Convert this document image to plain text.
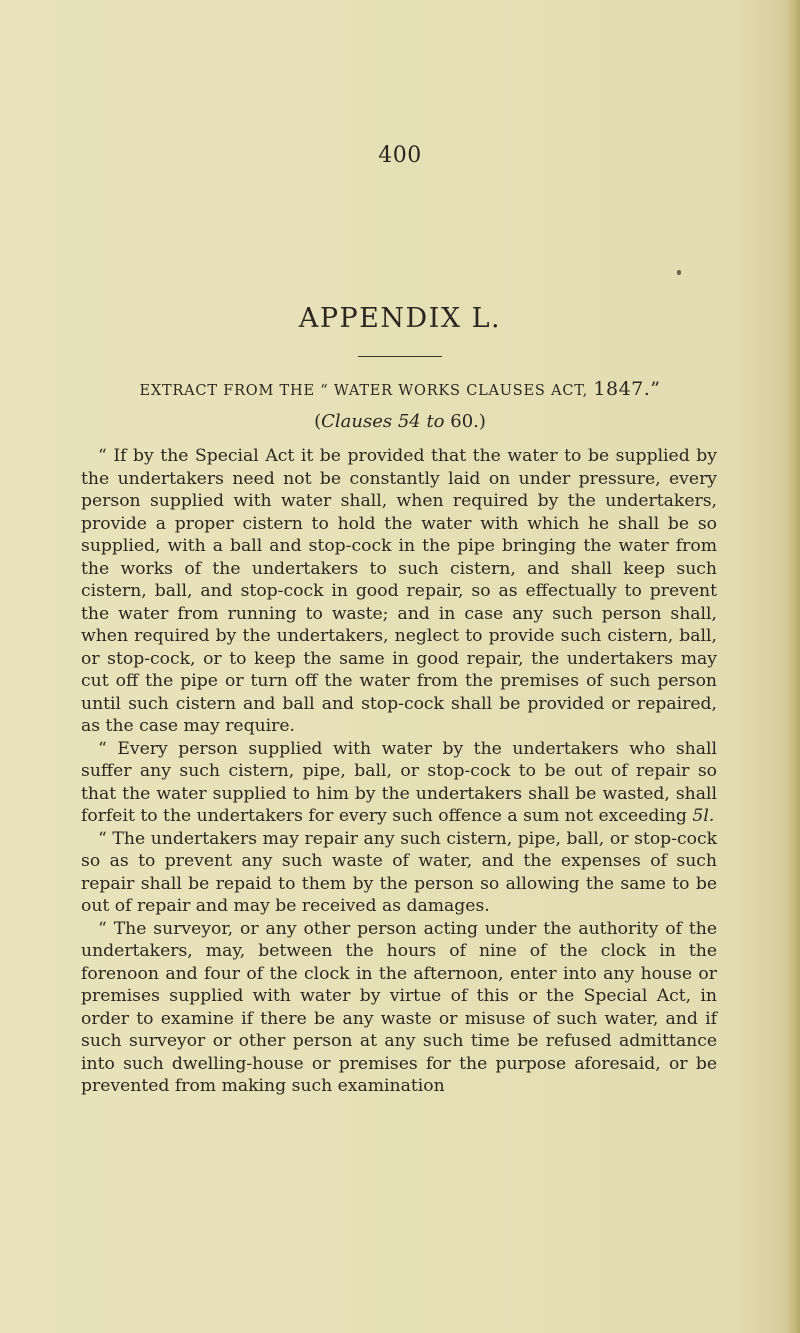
400
APPENDIX L.
EXTRACT FROM THE “ WATER WORKS CLAUSES ACT, 1847.”
(Clauses 54 to 60.)

“ If by the Special Act it be provided that the water to be supplied by the undertakers need not be constantly laid on under pressure, every person supplied with water shall, when required by the undertakers, provide a proper cistern to hold the water with which he shall be so supplied, with a ball and stop-cock in the pipe bringing the water from the works of the undertakers to such cistern, and shall keep such cistern, ball, and stop-cock in good repair, so as effectually to prevent the water from running to waste; and in case any such person shall, when required by the undertakers, neglect to provide such cistern, ball, or stop-cock, or to keep the same in good repair, the undertakers may cut off the pipe or turn off the water from the premises of such person until such cistern and ball and stop-cock shall be provided or repaired, as the case may require.

“ Every person supplied with water by the undertakers who shall suffer any such cistern, pipe, ball, or stop-cock to be out of repair so that the water supplied to him by the undertakers shall be wasted, shall forfeit to the undertakers for every such offence a sum not exceeding 5l.

“ The undertakers may repair any such cistern, pipe, ball, or stop-cock so as to prevent any such waste of water, and the expenses of such repair shall be repaid to them by the person so allowing the same to be out of repair and may be received as damages.

“ The surveyor, or any other person acting under the authority of the undertakers, may, between the hours of nine of the clock in the forenoon and four of the clock in the afternoon, enter into any house or premises supplied with water by virtue of this or the Special Act, in order to examine if there be any waste or misuse of such water, and if such surveyor or other person at any such time be refused admittance into such dwelling-house or premises for the purpose aforesaid, or be prevented from making such examination
